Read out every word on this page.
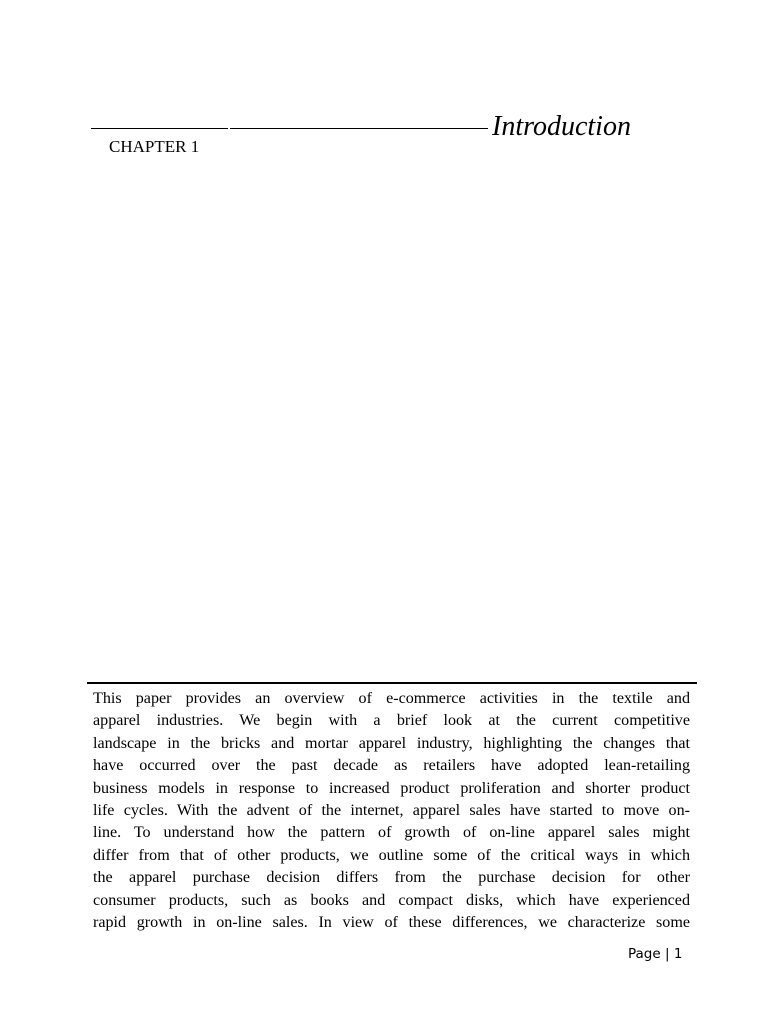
Introduction
CHAPTER 1
This paper provides an overview of e-commerce activities in the textile and
apparel industries. We begin with a brief look at the current competitive
landscape in the bricks and mortar apparel industry, highlighting the changes that
have occurred over the past decade as retailers have adopted lean-retailing
business models in response to increased product proliferation and shorter product
life cycles. With the advent of the internet, apparel sales have started to move on-
line. To understand how the pattern of growth of on-line apparel sales might
differ from that of other products, we outline some of the critical ways in which
the apparel purchase decision differs from the purchase decision for other
consumer products, such as books and compact disks, which have experienced
rapid growth in on-line sales. In view of these differences, we characterize some
Page | 1
